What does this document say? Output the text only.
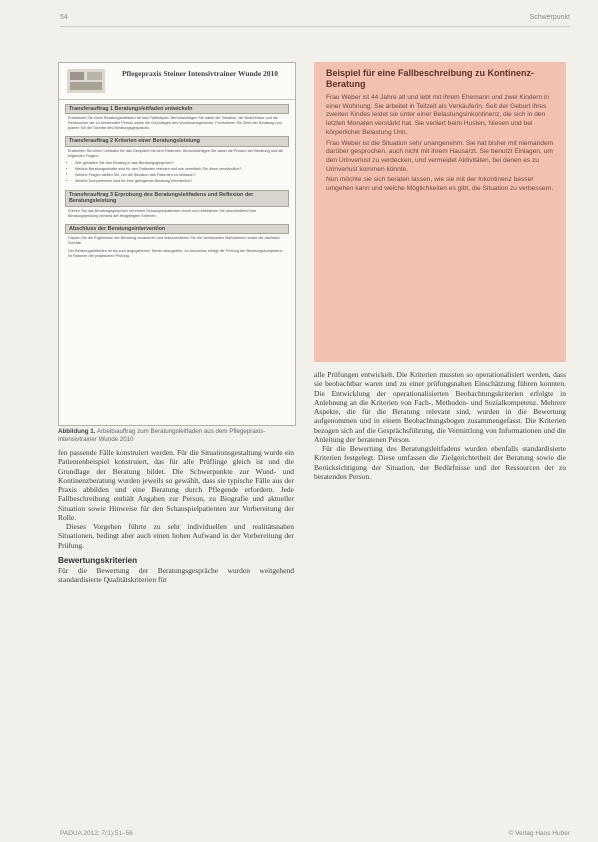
54	Schwerpunkt
Pflegepraxis Steiner Intensivtrainer Wunde 2010
Transferauftrag 1 Beratungsleitfaden entwickeln
Entwickeln Sie einen Beratungsleitfaden für das Fallbeispiel. Berücksichtigen Sie dabei die Situation, die Bedürfnisse und die Ressourcen der zu beratenden Person sowie die Grundlagen des Wundmanagements. Formulieren Sie Ziele der Beratung und planen Sie die Schritte des Beratungsgesprächs.
Transferauftrag 2 Kriterien einer Beratungsleistung
Erarbeiten Sie einen Leitfaden für das Gespräch mit dem Patienten. Berücksichtigen Sie dabei die Phasen der Beratung und die folgenden Fragen:
• Wie gestalten Sie den Einstieg in das Beratungsgespräch?
• Welche Beratungsinhalte sind für den Patienten relevant und wie vermitteln Sie diese verständlich?
• Welche Fragen stellen Sie, um die Situation des Patienten zu erfassen?
• Welche Kompetenzen sind für eine gelingende Beratung erforderlich?
Transferauftrag 3 Erprobung des Beratungsleitfadens und Reflexion der Beratungsleistung
Führen Sie das Beratungsgespräch mit einem Schauspielpatienten durch und reflektieren Sie anschließend Ihre Beratungsleistung anhand der festgelegten Kriterien.
Abschluss der Beratungsintervention
Fassen Sie die Ergebnisse der Beratung zusammen und dokumentieren Sie die vereinbarten Maßnahmen sowie die nächsten Schritte.
Der Beratungsleitfaden ist bis zum angegebenen Termin abzugeben. Im Anschluss erfolgt die Prüfung der Beratungskompetenz im Rahmen der praktischen Prüfung.
Abbildung 1. Arbeitsauftrag zum Beratungsleitfaden aus dem Pflegepraxis-Intensivtrainer Wunde 2010
Beispiel für eine Fallbeschreibung zu Kontinenz-Beratung

Frau Weber ist 44 Jahre alt und lebt mit ihrem Ehemann und zwei Kindern in einer Wohnung. Sie arbeitet in Teilzeit als Verkäuferin. Seit der Geburt ihres zweiten Kindes leidet sie unter einer Belastungsinkontinenz, die sich in den letzten Monaten verstärkt hat. Sie verliert beim Husten, Niesen und bei körperlicher Belastung Urin.

Frau Weber ist die Situation sehr unangenehm. Sie hat bisher mit niemandem darüber gesprochen, auch nicht mit ihrem Hausarzt. Sie benutzt Einlagen, um den Urinverlust zu verdecken, und vermeidet Aktivitäten, bei denen es zu Urinverlust kommen könnte.

Nun möchte sie sich beraten lassen, wie sie mit der Inkontinenz besser umgehen kann und welche Möglichkeiten es gibt, die Situation zu verbessern.

fen passende Fälle konstruiert werden. Für die Situationsgestaltung wurde ein Patientenbeispiel konstruiert, das für alle Prüflinge gleich ist und die Grundlage der Beratung bildet. Die Schwerpunkte zur Wund- und Kontinenzberatung wurden jeweils so gewählt, dass sie typische Fälle aus der Praxis abbilden und eine Beratung durch Pflegende erfordern. Jede Fallbeschreibung enthält Angaben zur Person, zu Biografie und aktueller Situation sowie Hinweise für den Schauspielpatienten zur Vorbereitung der Rolle.

Dieses Vorgehen führte zu sehr individuellen und realitätsnahen Situationen, bedingt aber auch einen hohen Aufwand in der Vorbereitung der Prüfung.

Bewertungskriterien

Für die Bewertung der Beratungsgespräche wurden weitgehend standardisierte Qualitätskriterien für

alle Prüfungen entwickelt. Die Kriterien mussten so operationalisiert werden, dass sie beobachtbar waren und zu einer prüfungsnahen Einschätzung führen konnten. Die Entwicklung der operationalisierten Beobachtungskriterien erfolgte in Anlehnung an die Kriterien von Fach-, Methoden- und Sozialkompetenz. Mehrere Aspekte, die für die Beratung relevant sind, wurden in die Bewertung aufgenommen und in einem Beobachtungsbogen zusammengefasst. Die Kriterien bezogen sich auf die Gesprächsführung, die Vermittlung von Informationen und die Anleitung der beratenen Person.

Für die Bewertung des Beratungsleitfadens wurden ebenfalls standardisierte Kriterien festgelegt. Diese umfassen die Zielgerichtetheit der Beratung sowie die Berücksichtigung der Situation, der Bedürfnisse und der Ressourcen der zu beratenden Person.

PADUA 2012; 7(1):51–56	© Verlag Hans Huber
